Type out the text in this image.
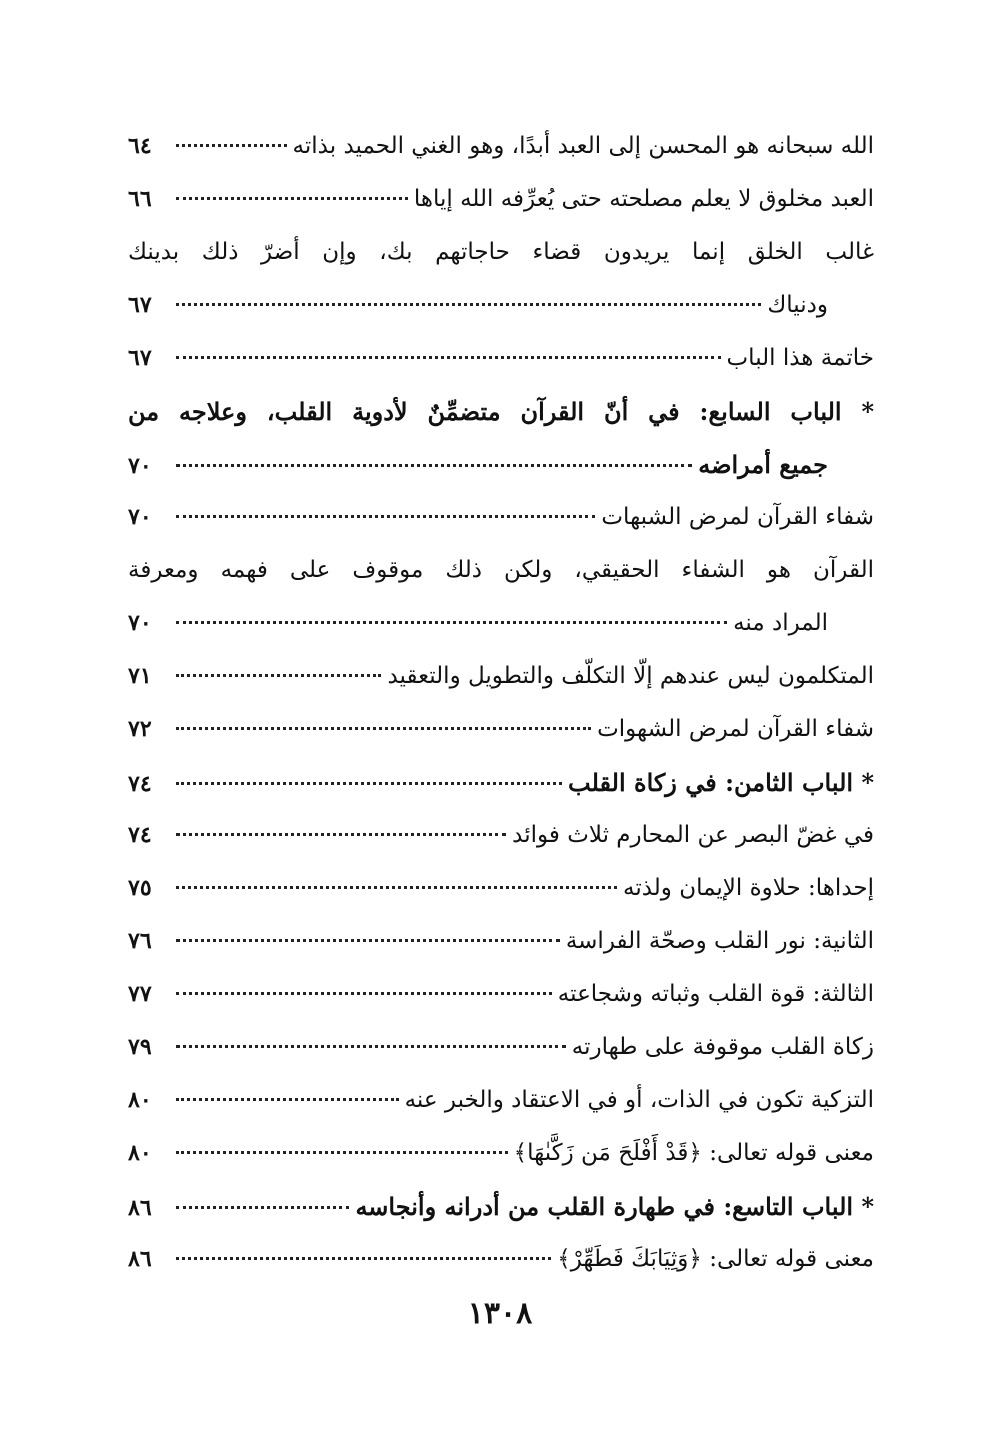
الله سبحانه هو المحسن إلى العبد أبدًا، وهو الغني الحميد بذاته
٦٤
العبد مخلوق لا يعلم مصلحته حتى يُعرِّفه الله إياها
٦٦
غالب الخلق إنما يريدون قضاء حاجاتهم بك، وإن أضرّ ذلك بدينك
ودنياك
٦٧
خاتمة هذا الباب
٦٧
* الباب السابع: في أنّ القرآن متضمِّنٌ لأدوية القلب، وعلاجه من
جميع أمراضه
٧٠
شفاء القرآن لمرض الشبهات
٧٠
القرآن هو الشفاء الحقيقي، ولكن ذلك موقوف على فهمه ومعرفة
المراد منه
٧٠
المتكلمون ليس عندهم إلّا التكلّف والتطويل والتعقيد
٧١
شفاء القرآن لمرض الشهوات
٧٢
* الباب الثامن: في زكاة القلب
٧٤
في غضّ البصر عن المحارم ثلاث فوائد
٧٤
إحداها: حلاوة الإيمان ولذته
٧٥
الثانية: نور القلب وصحّة الفراسة
٧٦
الثالثة: قوة القلب وثباته وشجاعته
٧٧
زكاة القلب موقوفة على طهارته
٧٩
التزكية تكون في الذات، أو في الاعتقاد والخبر عنه
٨٠
معنى قوله تعالى: ﴿قَدْ أَفْلَحَ مَن زَكَّىٰهَا﴾
٨٠
* الباب التاسع: في طهارة القلب من أدرانه وأنجاسه
٨٦
معنى قوله تعالى: ﴿وَثِيَابَكَ فَطَهِّرْ﴾
٨٦
١٣٠٨
